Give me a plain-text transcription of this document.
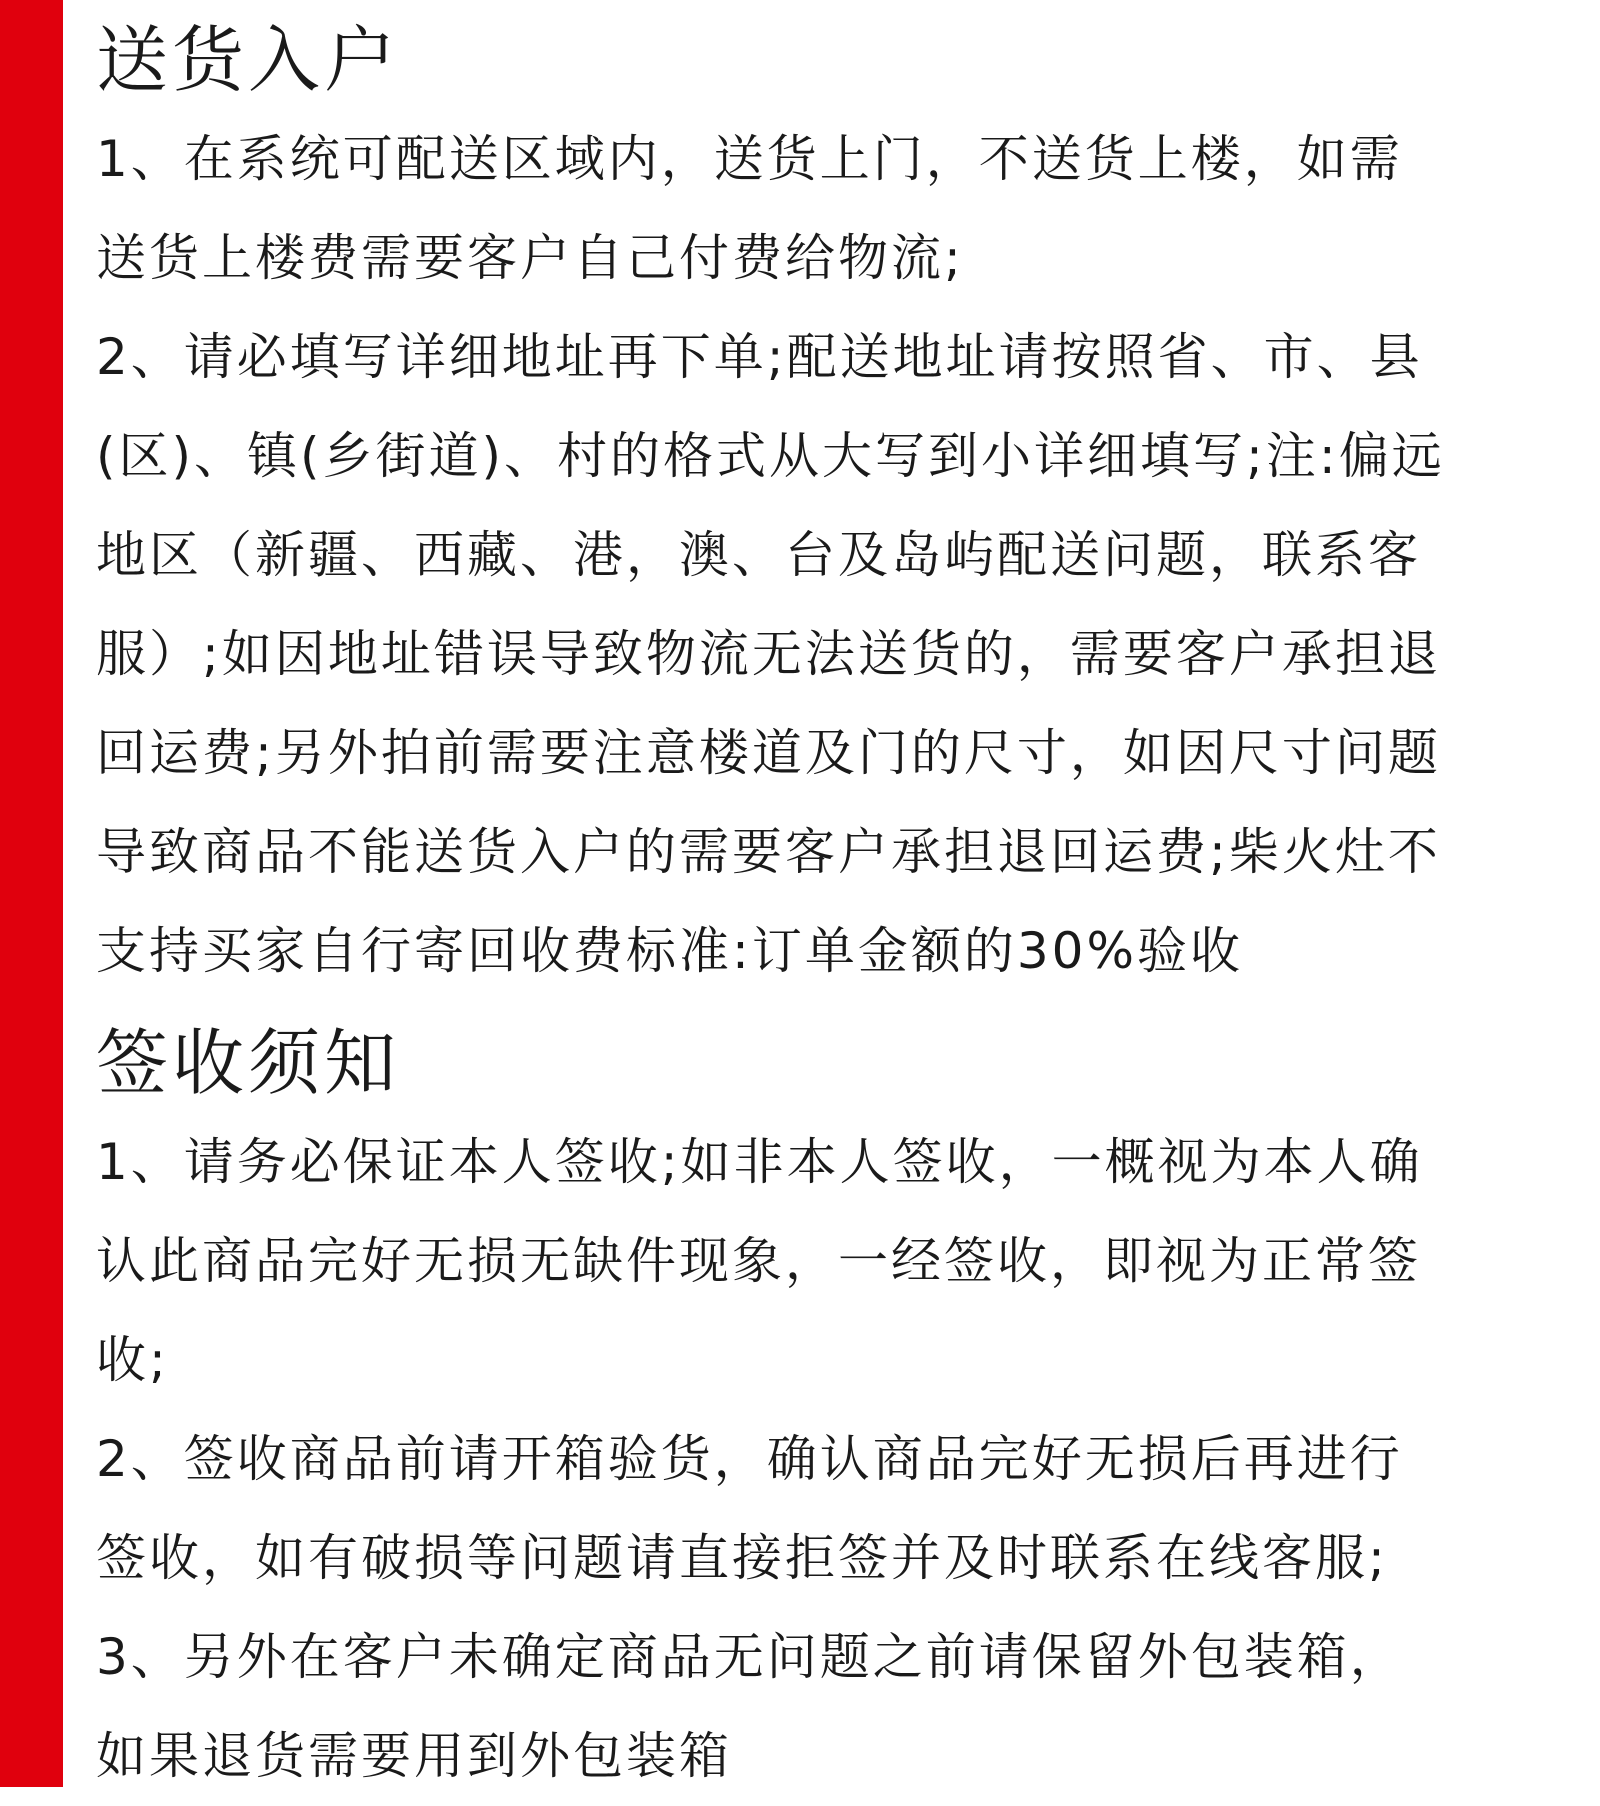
送货入户
1、在系统可配送区域内，送货上门，不送货上楼，如需
送货上楼费需要客户自己付费给物流;
2、请必填写详细地址再下单;配送地址请按照省、市、县
(区)、镇(乡街道)、村的格式从大写到小详细填写;注:偏远
地区（新疆、西藏、港，澳、台及岛屿配送问题，联系客
服）;如因地址错误导致物流无法送货的，需要客户承担退
回运费;另外拍前需要注意楼道及门的尺寸，如因尺寸问题
导致商品不能送货入户的需要客户承担退回运费;柴火灶不
支持买家自行寄回收费标准:订单金额的30%验收
签收须知
1、请务必保证本人签收;如非本人签收，一概视为本人确
认此商品完好无损无缺件现象，一经签收，即视为正常签
收;
2、签收商品前请开箱验货，确认商品完好无损后再进行
签收，如有破损等问题请直接拒签并及时联系在线客服;
3、另外在客户未确定商品无问题之前请保留外包装箱，
如果退货需要用到外包装箱
